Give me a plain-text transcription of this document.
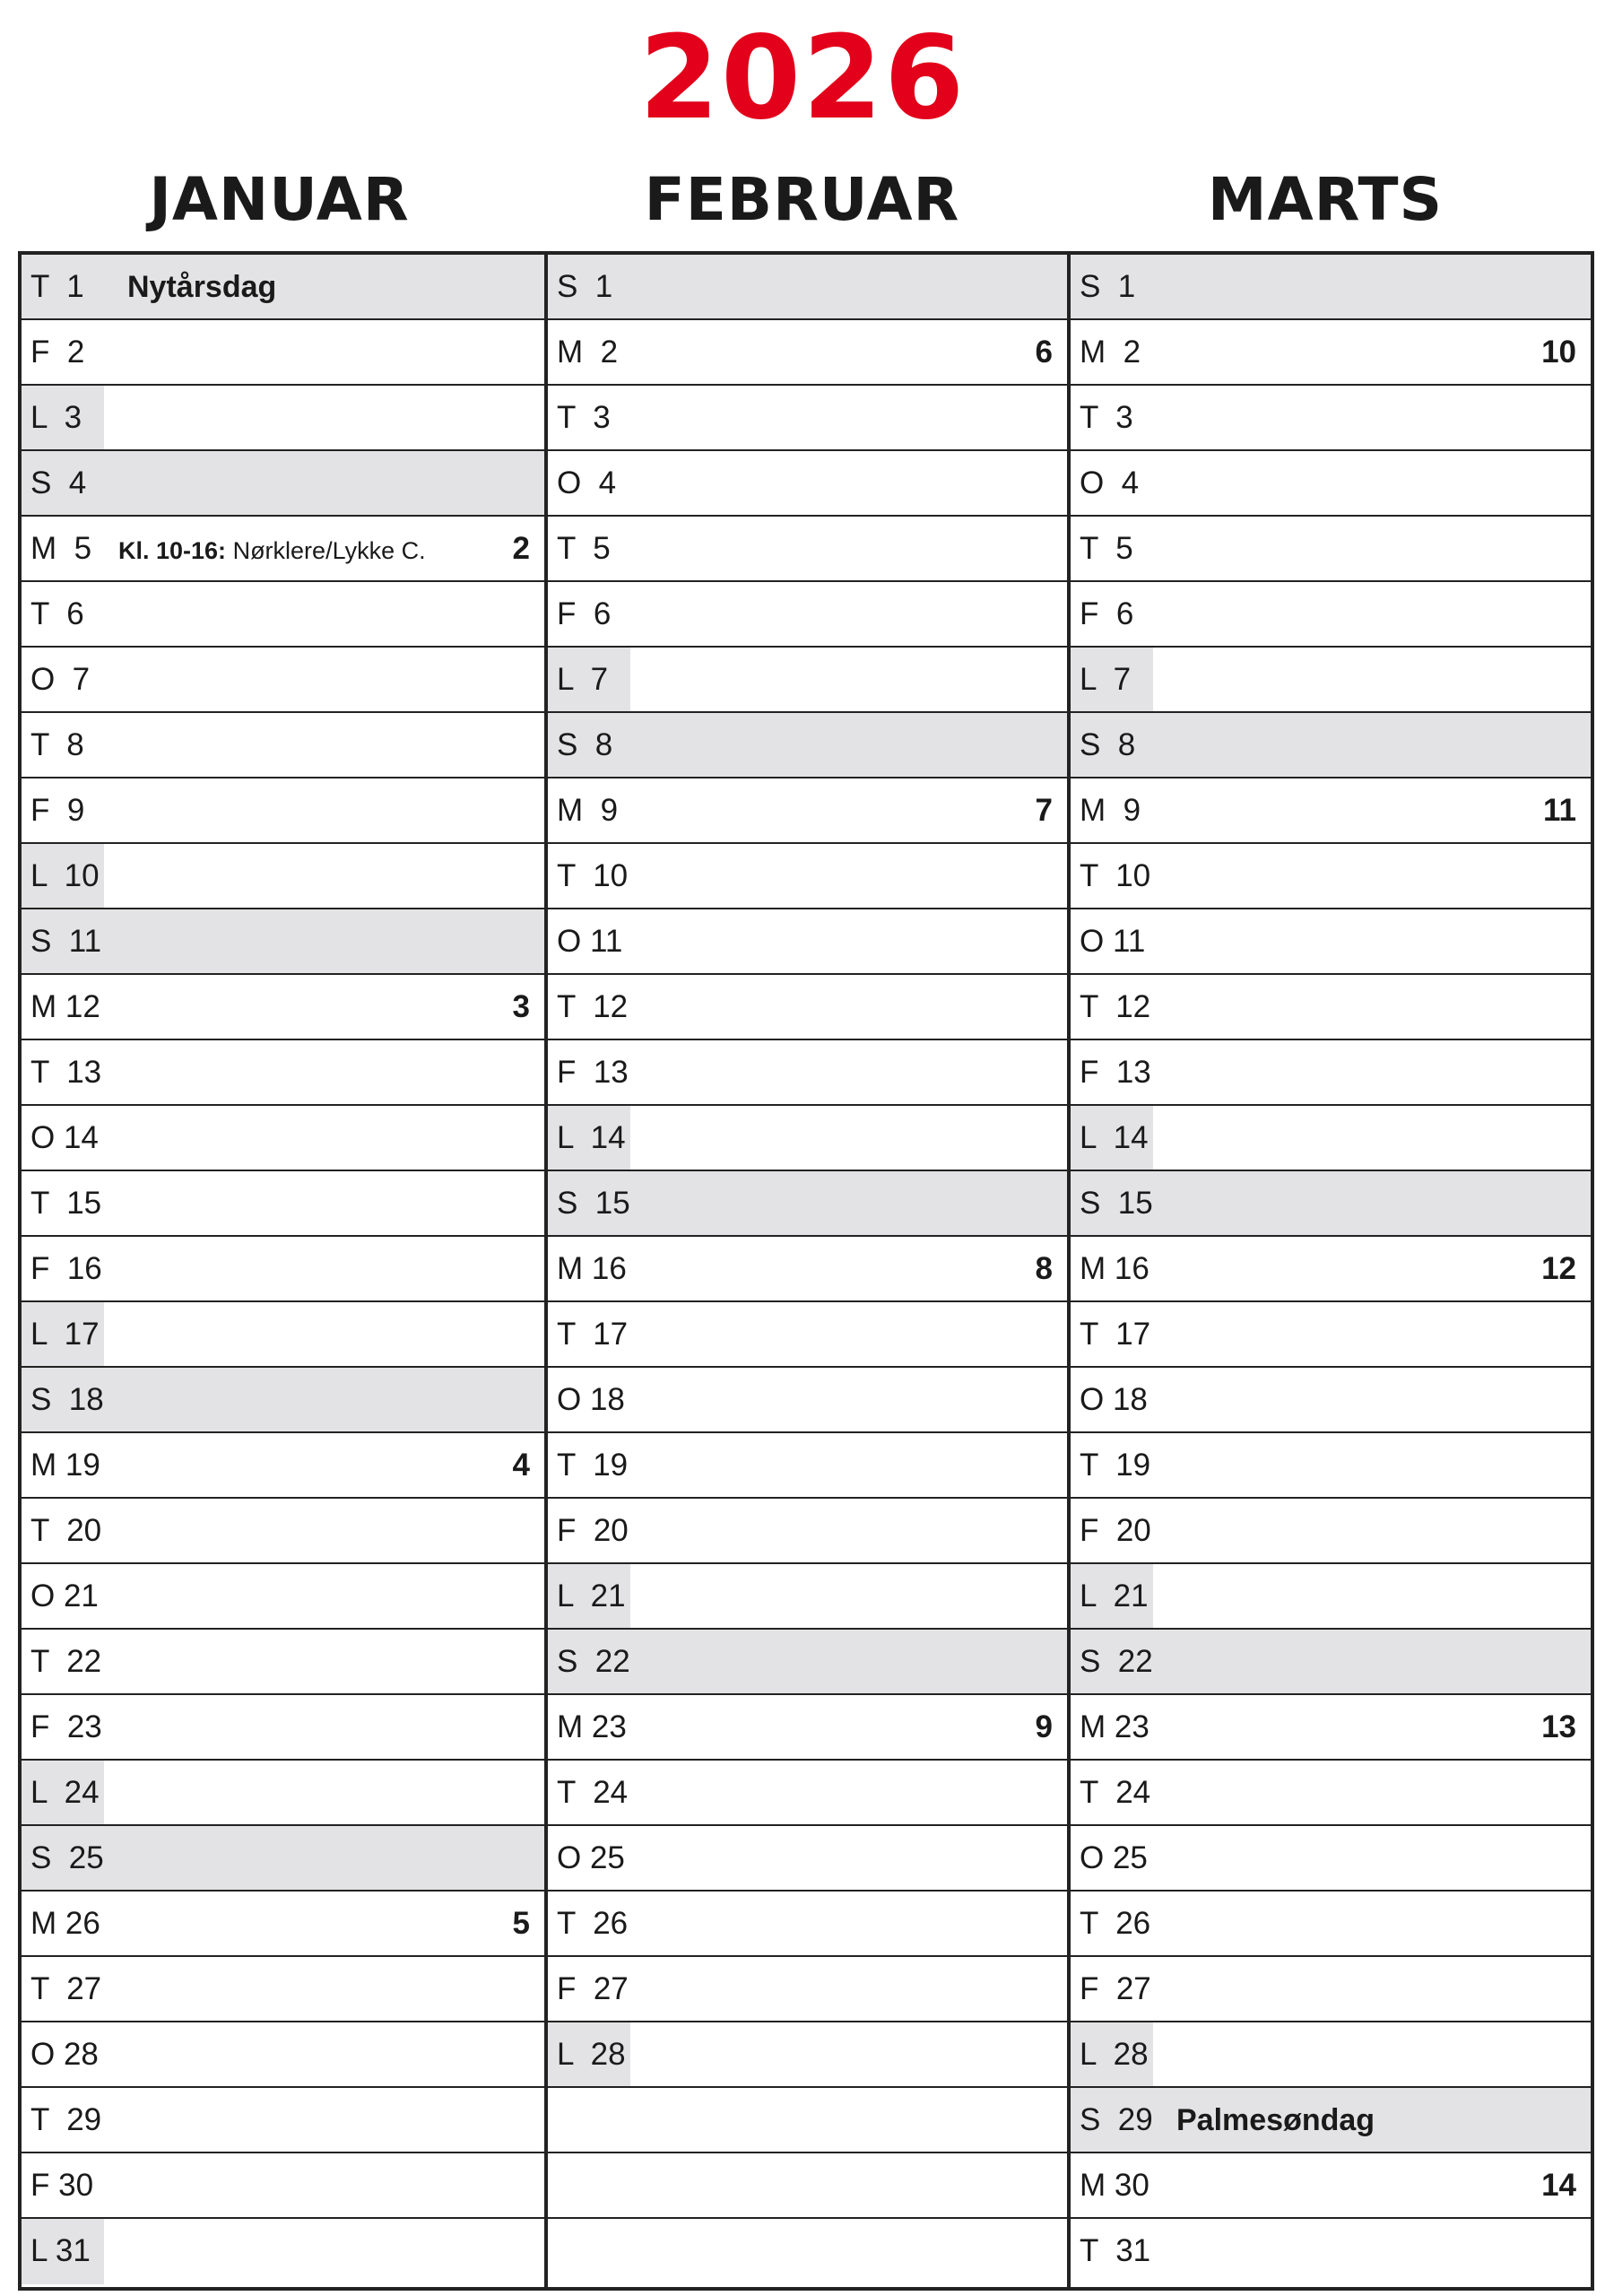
2026
JANUAR	FEBRUAR	MARTS
T  1 Nytårsdag
F  2
L  3
S  4
M  5 Kl. 10-16: Nørklere/Lykke C.	2
T  6
O  7
T  8
F  9
L  10
S  11
M 12	3
T  13
O 14
T  15
F  16
L  17
S  18
M 19	4
T  20
O 21
T  22
F  23
L  24
S  25
M 26	5
T  27
O 28
T  29
F 30
L 31
S  1
M  2	6
T  3
O  4
T  5
F  6
L  7
S  8
M  9	7
T  10
O 11
T  12
F  13
L  14
S  15
M 16	8
T  17
O 18
T  19
F  20
L  21
S  22
M 23	9
T  24
O 25
T  26
F  27
L  28
S  1
M  2	10
T  3
O  4
T  5
F  6
L  7
S  8
M  9	11
T  10
O 11
T  12
F  13
L  14
S  15
M 16	12
T  17
O 18
T  19
F  20
L  21
S  22
M 23	13
T  24
O 25
T  26
F  27
L  28
S  29 Palmesøndag
M 30	14
T  31
